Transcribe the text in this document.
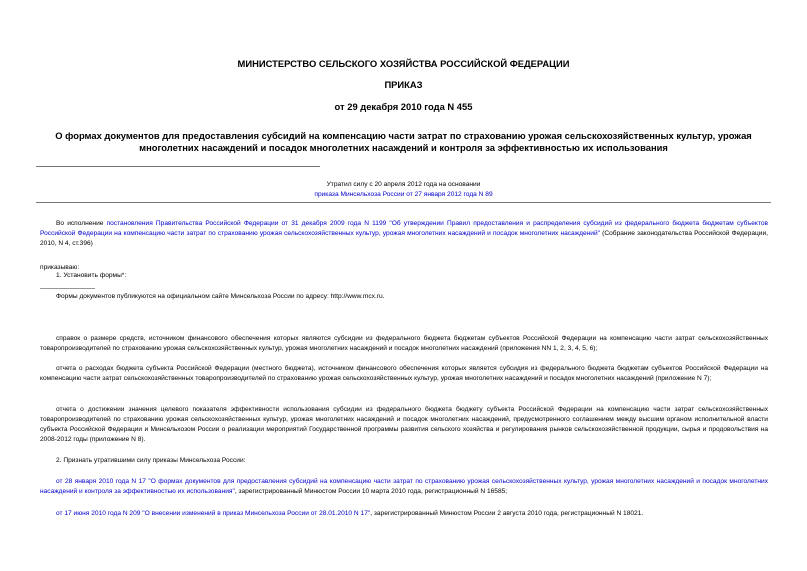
МИНИСТЕРСТВО СЕЛЬСКОГО ХОЗЯЙСТВА РОССИЙСКОЙ ФЕДЕРАЦИИ
ПРИКАЗ
от 29 декабря 2010 года N 455
О формах документов для предоставления субсидий на компенсацию части затрат по страхованию урожая сельскохозяйственных культур, урожая многолетних насаждений и посадок многолетних насаждений и контроля за эффективностью их использования
Утратил силу с 20 апреля 2012 года на основании
приказа Минсельхоза России от 27 января 2012 года N 89
Во исполнение постановления Правительства Российской Федерации от 31 декабря 2009 года N 1199 "Об утверждении Правил предоставления и распределения субсидий из федерального бюджета бюджетам субъектов Российской Федерации на компенсацию части затрат по страхованию урожая сельскохозяйственных культур, урожая многолетних насаждений и посадок многолетних насаждений" (Собрание законодательства Российской Федерации, 2010, N 4, ст.396)
приказываю:
1. Установить формы*:
_______________
Формы документов публикуются на официальном сайте Минсельхоза России по адресу: http://www.mcx.ru.
справок о размере средств, источником финансового обеспечения которых являются субсидии из федерального бюджета бюджетам субъектов Российской Федерации на компенсацию части затрат сельскохозяйственных товаропроизводителей по страхованию урожая сельскохозяйственных культур, урожая многолетних насаждений и посадок многолетних насаждений (приложения NN 1, 2, 3, 4, 5, 6);
отчета о расходах бюджета субъекта Российской Федерации (местного бюджета), источником финансового обеспечения которых является субсидия из федерального бюджета бюджетам субъектов Российской Федерации на компенсацию части затрат сельскохозяйственных товаропроизводителей по страхованию урожая сельскохозяйственных культур, урожая многолетних насаждений и посадок многолетних насаждений (приложение N 7);
отчета о достижении значения целевого показателя эффективности использования субсидии из федерального бюджета бюджету субъекта Российской Федерации на компенсацию части затрат сельскохозяйственных товаропроизводителей по страхованию урожая сельскохозяйственных культур, урожая многолетних насаждений и посадок многолетних насаждений, предусмотренного соглашением между высшим органом исполнительной власти субъекта Российской Федерации и Минсельхозом России о реализации мероприятий Государственной программы развития сельского хозяйства и регулирования рынков сельскохозяйственной продукции, сырья и продовольствия на 2008-2012 годы (приложение N 8).
2. Признать утратившими силу приказы Минсельхоза России:
от 28 января 2010 года N 17 "О формах документов для предоставления субсидий на компенсацию части затрат по страхованию урожая сельскохозяйственных культур, урожая многолетних насаждений и посадок многолетних насаждений и контроля за эффективностью их использования", зарегистрированный Минюстом России 10 марта 2010 года, регистрационный N 16585;
от 17 июня 2010 года N 209 "О внесении изменений в приказ Минсельхоза России от 28.01.2010 N 17", зарегистрированный Минюстом России 2 августа 2010 года, регистрационный N 18021.
